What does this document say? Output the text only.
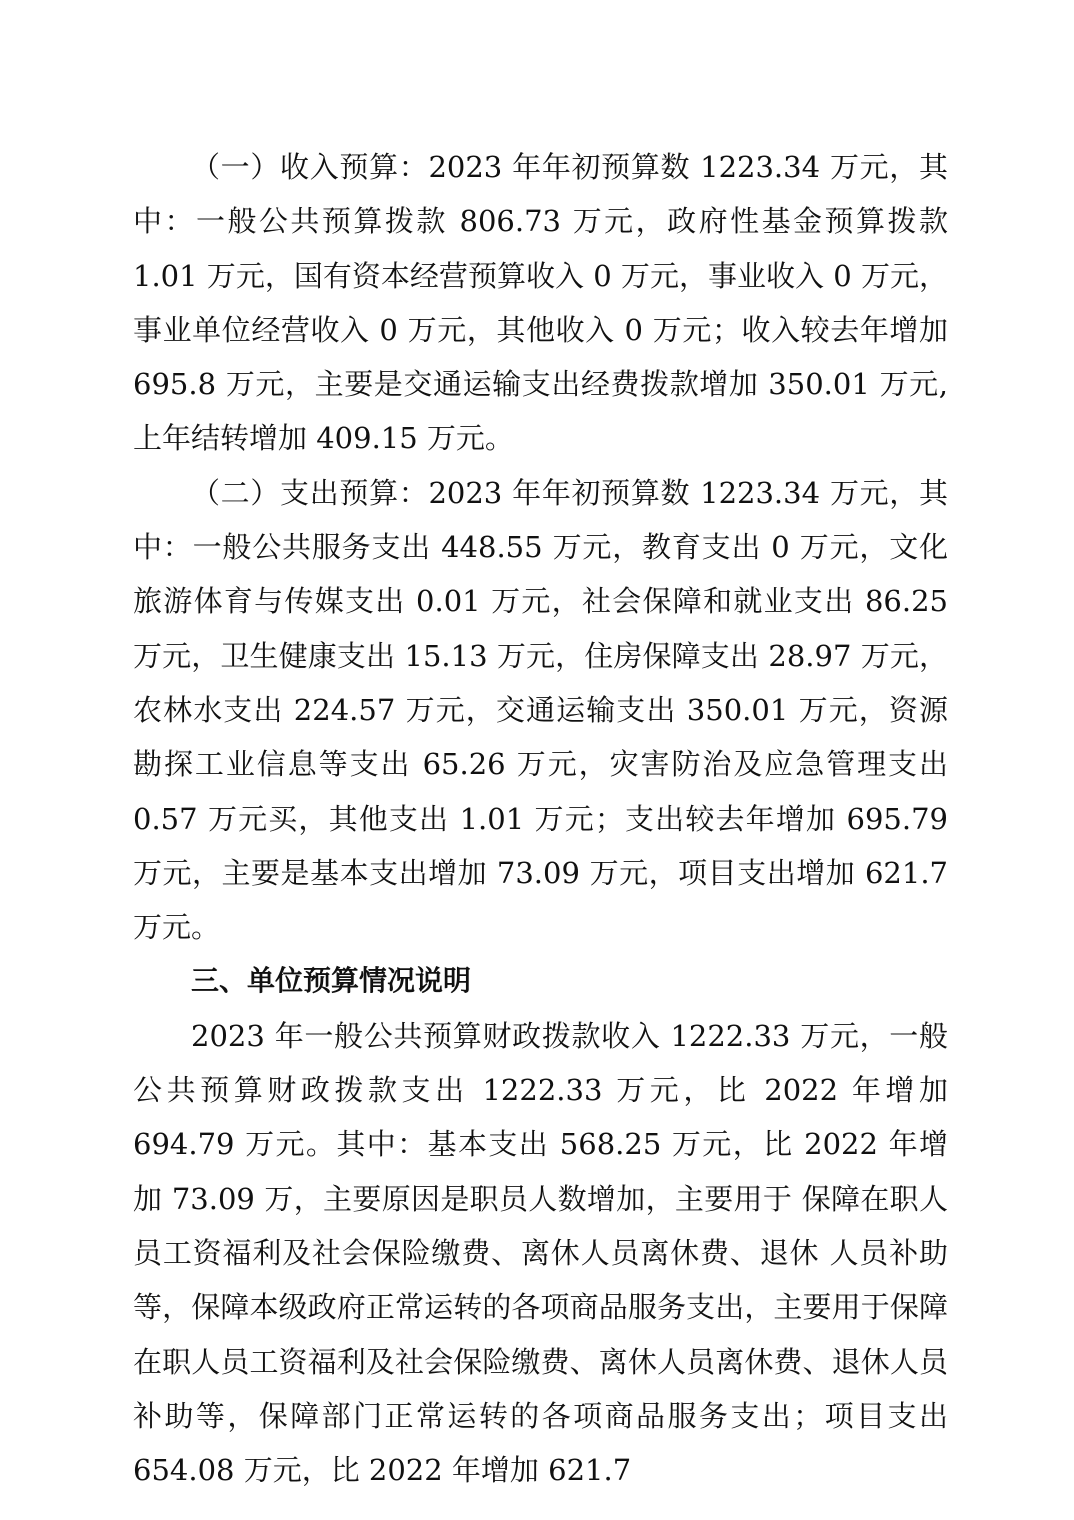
（一）收入预算：2023 年年初预算数 1223.34 万元，其中：一般公共预算拨款 806.73 万元，政府性基金预算拨款 1.01 万元，国有资本经营预算收入 0 万元，事业收入 0 万元，事业单位经营收入 0 万元，其他收入 0 万元；收入较去年增加 695.8 万元，主要是交通运输支出经费拨款增加 350.01 万元,上年结转增加 409.15 万元。

（二）支出预算：2023 年年初预算数 1223.34 万元，其中：一般公共服务支出 448.55 万元，教育支出 0 万元，文化旅游体育与传媒支出 0.01 万元，社会保障和就业支出 86.25 万元，卫生健康支出 15.13 万元，住房保障支出 28.97 万元，农林水支出 224.57 万元，交通运输支出 350.01 万元，资源勘探工业信息等支出 65.26 万元，灾害防治及应急管理支出 0.57 万元买，其他支出 1.01 万元；支出较去年增加 695.79 万元，主要是基本支出增加 73.09 万元，项目支出增加 621.7 万元。

三、单位预算情况说明

2023 年一般公共预算财政拨款收入 1222.33 万元，一般公共预算财政拨款支出 1222.33 万元，比 2022 年增加 694.79 万元。其中：基本支出 568.25 万元，比 2022 年增加 73.09 万，主要原因是职员人数增加，主要用于 保障在职人员工资福利及社会保险缴费、离休人员离休费、退休 人员补助等，保障本级政府正常运转的各项商品服务支出，主要用于保障在职人员工资福利及社会保险缴费、离休人员离休费、退休人员补助等，保障部门正常运转的各项商品服务支出；项目支出 654.08 万元，比 2022 年增加 621.7
